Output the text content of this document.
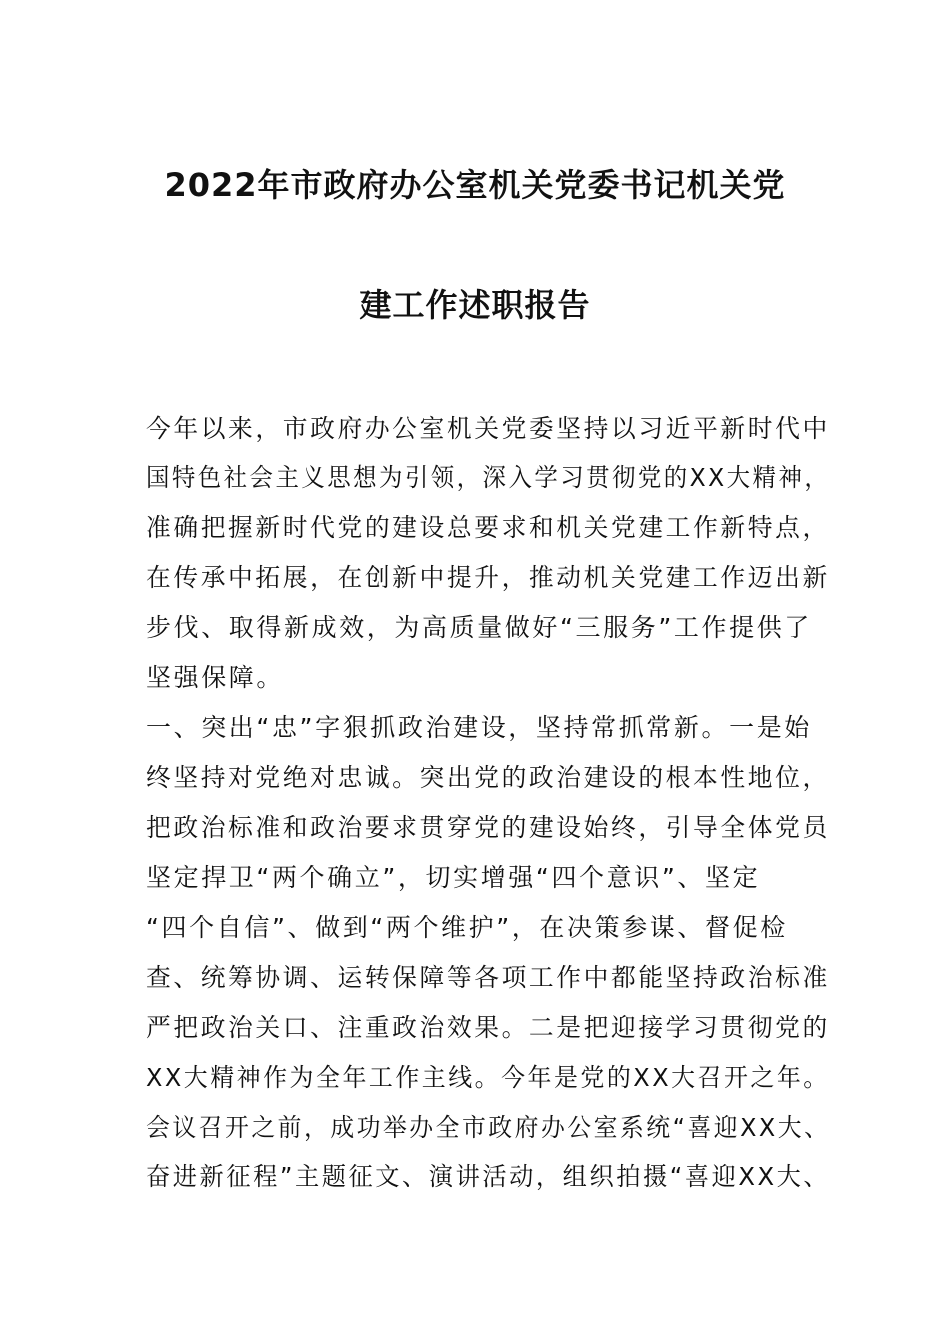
2022年市政府办公室机关党委书记机关党
建工作述职报告
今年以来，市政府办公室机关党委坚持以习近平新时代中
国特色社会主义思想为引领，深入学习贯彻党的XX大精神，
准确把握新时代党的建设总要求和机关党建工作新特点，
在传承中拓展，在创新中提升，推动机关党建工作迈出新
步伐、取得新成效，为高质量做好“三服务”工作提供了
坚强保障。
一、突出“忠”字狠抓政治建设，坚持常抓常新。一是始
终坚持对党绝对忠诚。突出党的政治建设的根本性地位，
把政治标准和政治要求贯穿党的建设始终，引导全体党员
坚定捍卫“两个确立”，切实增强“四个意识”、坚定
“四个自信”、做到“两个维护”，在决策参谋、督促检
查、统筹协调、运转保障等各项工作中都能坚持政治标准
严把政治关口、注重政治效果。二是把迎接学习贯彻党的
XX大精神作为全年工作主线。今年是党的XX大召开之年。
会议召开之前，成功举办全市政府办公室系统“喜迎XX大、
奋进新征程”主题征文、演讲活动，组织拍摄“喜迎XX大、
